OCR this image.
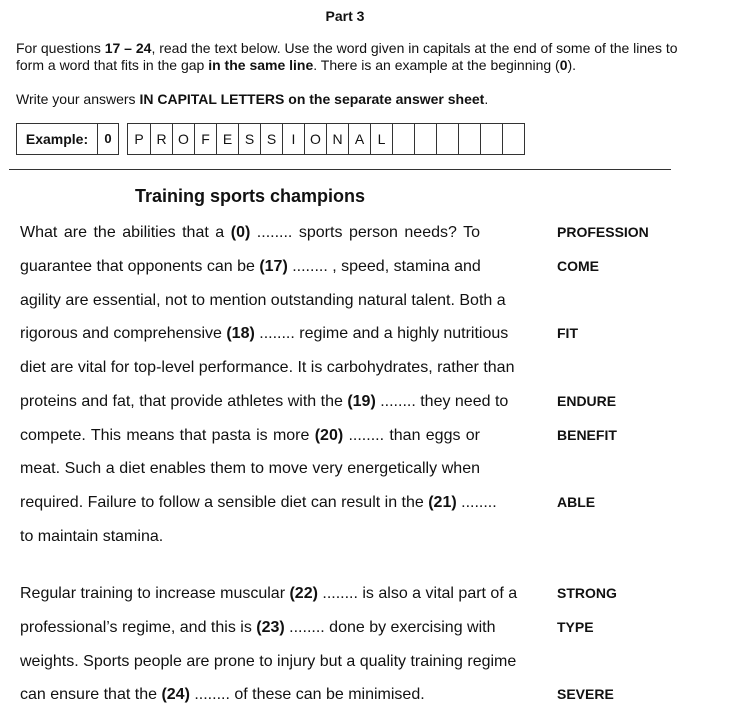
Part 3
For questions 17 – 24, read the text below. Use the word given in capitals at the end of some of the lines to form a word that fits in the gap in the same line. There is an example at the beginning (0).
Write your answers IN CAPITAL LETTERS on the separate answer sheet.
Example:	0	P R O F E S S	I	O N A L
Training sports champions
What are the abilities that a (0) ........ sports person needs? To	PROFESSION
guarantee that opponents can be (17) ........ , speed, stamina and	COME
agility are essential, not to mention outstanding natural talent. Both a
rigorous and comprehensive (18) ........ regime and a highly nutritious	FIT
diet are vital for top-level performance. It is carbohydrates, rather than
proteins and fat, that provide athletes with the (19) ........ they need to	ENDURE
compete. This means that pasta is more (20) ........ than eggs or	BENEFIT
meat. Such a diet enables them to move very energetically when
required. Failure to follow a sensible diet can result in the (21) ........	ABLE
to maintain stamina.
Regular training to increase muscular (22) ........ is also a vital part of a	STRONG
professional’s regime, and this is (23) ........ done by exercising with	TYPE
weights. Sports people are prone to injury but a quality training regime
can ensure that the (24) ........ of these can be minimised.	SEVERE
